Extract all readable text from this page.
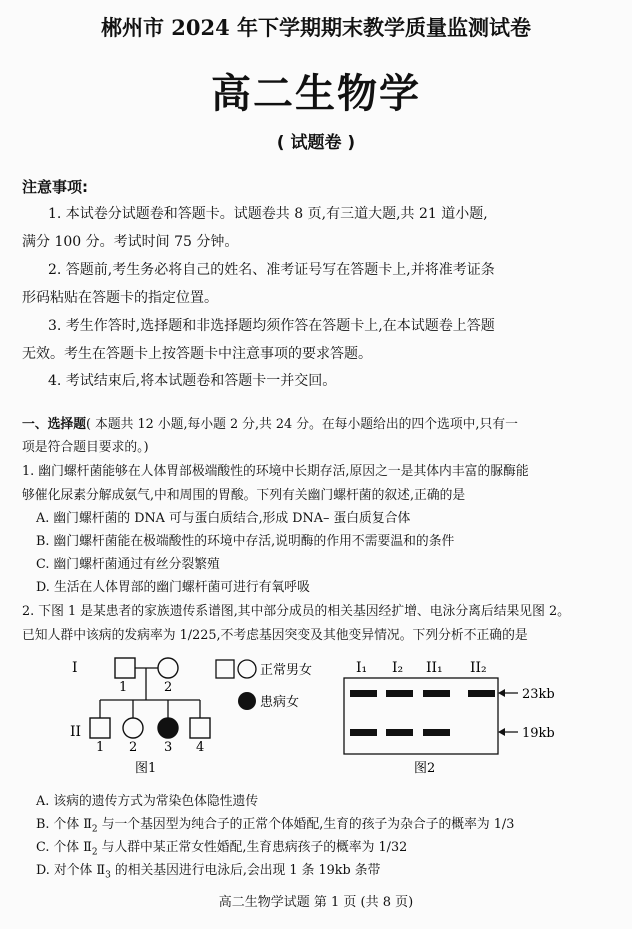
郴州市 2024 年下学期期末教学质量监测试卷
高二生物学
( 试题卷 )
注意事项:
1. 本试卷分试题卷和答题卡。试题卷共 8 页,有三道大题,共 21 道小题,
满分 100 分。考试时间 75 分钟。
2. 答题前,考生务必将自己的姓名、准考证号写在答题卡上,并将准考证条
形码粘贴在答题卡的指定位置。
3. 考生作答时,选择题和非选择题均须作答在答题卡上,在本试题卷上答题
无效。考生在答题卡上按答题卡中注意事项的要求答题。
4. 考试结束后,将本试题卷和答题卡一并交回。
一、选择题( 本题共 12 小题,每小题 2 分,共 24 分。在每小题给出的四个选项中,只有一
项是符合题目要求的。)
1. 幽门螺杆菌能够在人体胃部极端酸性的环境中长期存活,原因之一是其体内丰富的脲酶能
够催化尿素分解成氨气,中和周围的胃酸。下列有关幽门螺杆菌的叙述,正确的是
A. 幽门螺杆菌的 DNA 可与蛋白质结合,形成 DNA– 蛋白质复合体
B. 幽门螺杆菌能在极端酸性的环境中存活,说明酶的作用不需要温和的条件
C. 幽门螺杆菌通过有丝分裂繁殖
D. 生活在人体胃部的幽门螺杆菌可进行有氧呼吸
2. 下图 1 是某患者的家族遗传系谱图,其中部分成员的相关基因经扩增、电泳分离后结果见图 2。
已知人群中该病的发病率为 1/225,不考虑基因突变及其他变异情况。下列分析不正确的是
I
II
1	2
1 2 3 4
图1
正常男女
患病女
I₁ I₂ II₁ II₂
23kb
19kb
图2
A. 该病的遗传方式为常染色体隐性遗传
B. 个体 $Ⅱ_2$ 与一个基因型为纯合子的正常个体婚配,生育的孩子为杂合子的概率为 1/3
C. 个体 $Ⅱ_2$ 与人群中某正常女性婚配,生育患病孩子的概率为 1/32
D. 对个体 $Ⅱ_3$ 的相关基因进行电泳后,会出现 1 条 19kb 条带
高二生物学试题 第 1 页 (共 8 页)
